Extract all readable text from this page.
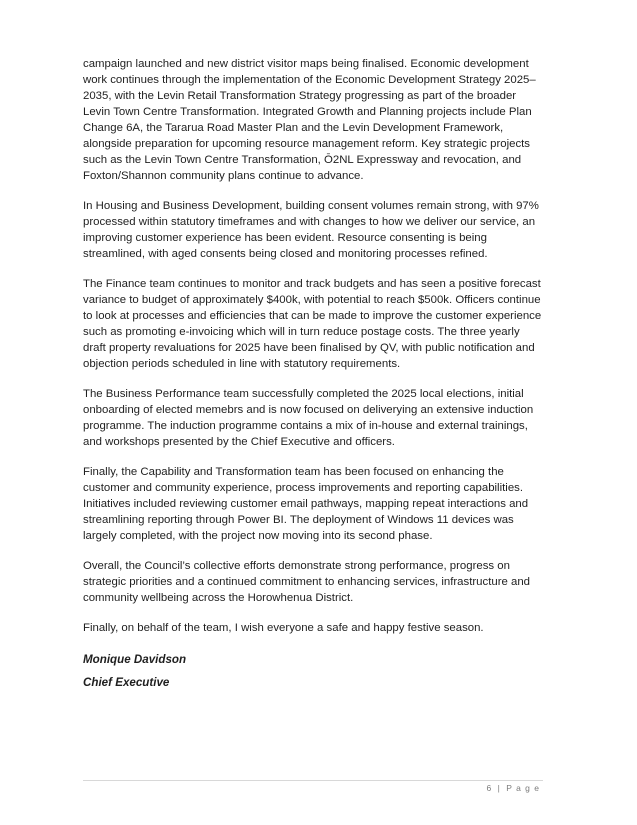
campaign launched and new district visitor maps being finalised. Economic development work continues through the implementation of the Economic Development Strategy 2025–2035, with the Levin Retail Transformation Strategy progressing as part of the broader Levin Town Centre Transformation. Integrated Growth and Planning projects include Plan Change 6A, the Tararua Road Master Plan and the Levin Development Framework, alongside preparation for upcoming resource management reform. Key strategic projects such as the Levin Town Centre Transformation, Ō2NL Expressway and revocation, and Foxton/Shannon community plans continue to advance.

In Housing and Business Development, building consent volumes remain strong, with 97% processed within statutory timeframes and with changes to how we deliver our service, an improving customer experience has been evident. Resource consenting is being streamlined, with aged consents being closed and monitoring processes refined.

The Finance team continues to monitor and track budgets and has seen a positive forecast variance to budget of approximately $400k, with potential to reach $500k. Officers continue to look at processes and efficiencies that can be made to improve the customer experience such as promoting e-invoicing which will in turn reduce postage costs. The three yearly draft property revaluations for 2025 have been finalised by QV, with public notification and objection periods scheduled in line with statutory requirements.

The Business Performance team successfully completed the 2025 local elections, initial onboarding of elected memebrs and is now focused on deliverying an extensive induction programme. The induction programme contains a mix of in-house and external trainings, and workshops presented by the Chief Executive and officers.

Finally, the Capability and Transformation team has been focused on enhancing the customer and community experience, process improvements and reporting capabilities. Initiatives included reviewing customer email pathways, mapping repeat interactions and streamlining reporting through Power BI. The deployment of Windows 11 devices was largely completed, with the project now moving into its second phase.

Overall, the Council’s collective efforts demonstrate strong performance, progress on strategic priorities and a continued commitment to enhancing services, infrastructure and community wellbeing across the Horowhenua District.

Finally, on behalf of the team, I wish everyone a safe and happy festive season.

Monique Davidson

Chief Executive

6 | P a g e
